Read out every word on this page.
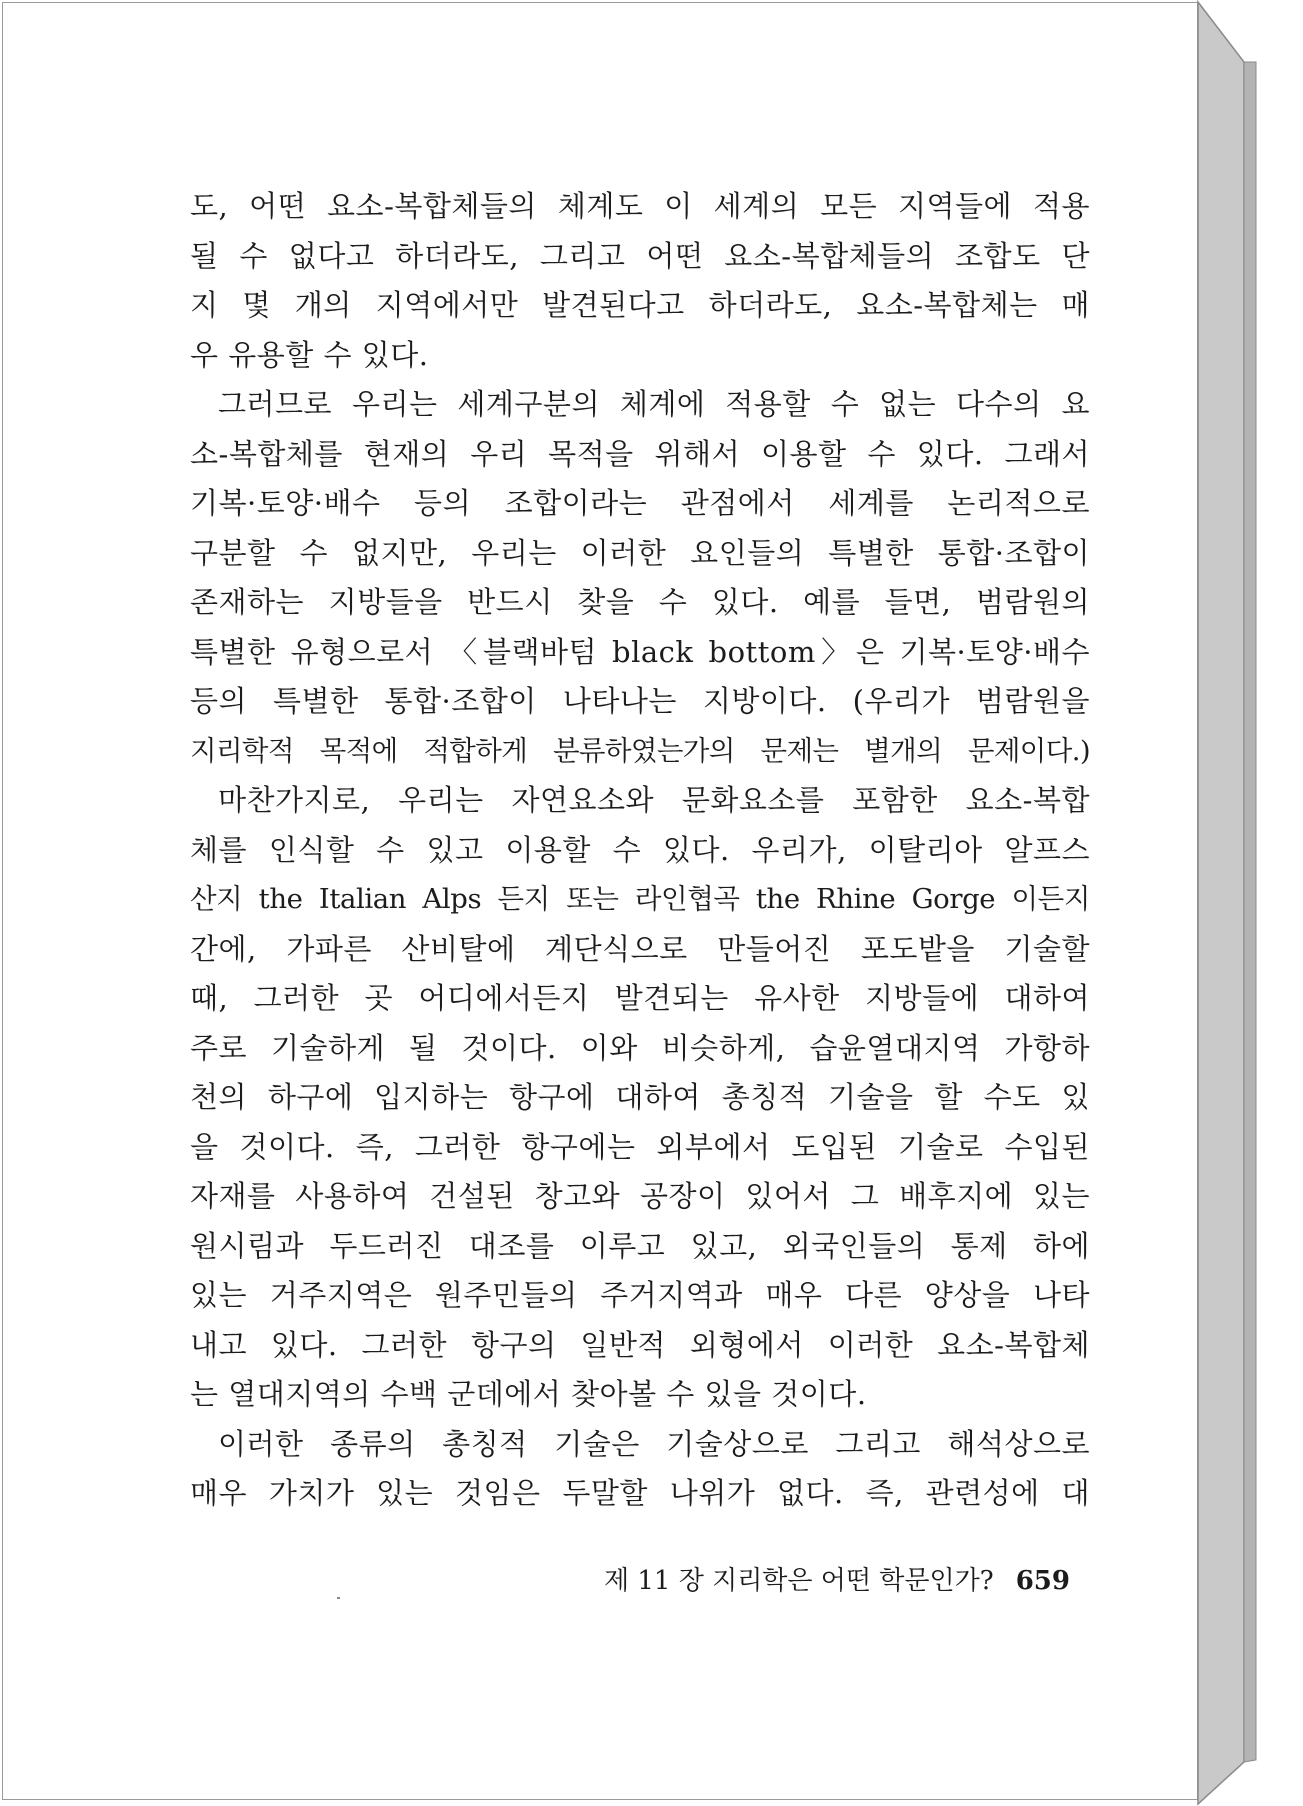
도, 어떤 요소-복합체들의 체계도 이 세계의 모든 지역들에 적용
될 수 없다고 하더라도, 그리고 어떤 요소-복합체들의 조합도 단
지 몇 개의 지역에서만 발견된다고 하더라도, 요소-복합체는 매
우 유용할 수 있다.
그러므로 우리는 세계구분의 체계에 적용할 수 없는 다수의 요
소-복합체를 현재의 우리 목적을 위해서 이용할 수 있다. 그래서
기복·토양·배수 등의 조합이라는 관점에서 세계를 논리적으로
구분할 수 없지만, 우리는 이러한 요인들의 특별한 통합·조합이
존재하는 지방들을 반드시 찾을 수 있다. 예를 들면, 범람원의
특별한 유형으로서 〈블랙바텀 black bottom〉은 기복·토양·배수
등의 특별한 통합·조합이 나타나는 지방이다. (우리가 범람원을
지리학적 목적에 적합하게 분류하였는가의 문제는 별개의 문제이다.)
마찬가지로, 우리는 자연요소와 문화요소를 포함한 요소-복합
체를 인식할 수 있고 이용할 수 있다. 우리가, 이탈리아 알프스
산지 the Italian Alps 든지 또는 라인협곡 the Rhine Gorge 이든지
간에, 가파른 산비탈에 계단식으로 만들어진 포도밭을 기술할
때, 그러한 곳 어디에서든지 발견되는 유사한 지방들에 대하여
주로 기술하게 될 것이다. 이와 비슷하게, 습윤열대지역 가항하
천의 하구에 입지하는 항구에 대하여 총칭적 기술을 할 수도 있
을 것이다. 즉, 그러한 항구에는 외부에서 도입된 기술로 수입된
자재를 사용하여 건설된 창고와 공장이 있어서 그 배후지에 있는
원시림과 두드러진 대조를 이루고 있고, 외국인들의 통제 하에
있는 거주지역은 원주민들의 주거지역과 매우 다른 양상을 나타
내고 있다. 그러한 항구의 일반적 외형에서 이러한 요소-복합체
는 열대지역의 수백 군데에서 찾아볼 수 있을 것이다.
이러한 종류의 총칭적 기술은 기술상으로 그리고 해석상으로
매우 가치가 있는 것임은 두말할 나위가 없다. 즉, 관련성에 대
제 11 장 지리학은 어떤 학문인가? 659
